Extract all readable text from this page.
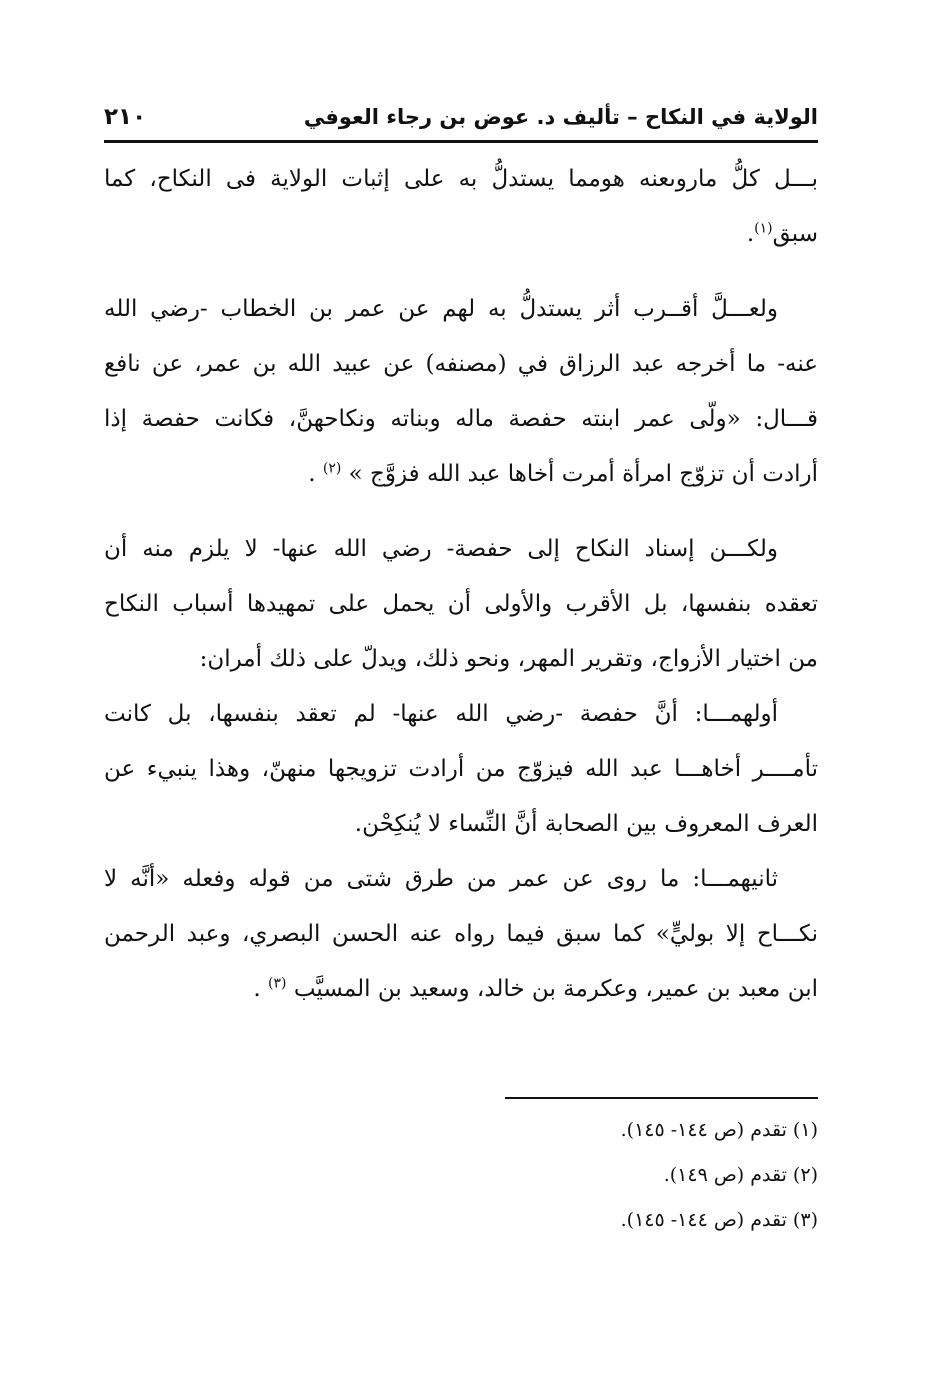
الولاية في النكاح – تأليف د. عوض بن رجاء العوفي
٢١٠
بـــل كلُّ ماروىعنه هومما يستدلُّ به على إثبات الولاية فى النكاح، كما
سبق$^{(١)}$.
ولعـــلَّ أقــرب أثر يستدلُّ به لهم عن عمر بن الخطاب -رضي الله
عنه- ما أخرجه عبد الرزاق في (مصنفه) عن عبيد الله بن عمر، عن نافع
قـــال: «ولّى عمر ابنته حفصة ماله وبناته ونكاحهنَّ، فكانت حفصة إذا
أرادت أن تزوّج امرأة أمرت أخاها عبد الله فزوَّج » $^{(٢)}$ .
ولكـــن إسناد النكاح إلى حفصة- رضي الله عنها- لا يلزم منه أن
تعقده بنفسها، بل الأقرب والأولى أن يحمل على تمهيدها أسباب النكاح
من اختيار الأزواج، وتقرير المهر، ونحو ذلك، ويدلّ على ذلك أمران:
أولهمـــا: أنَّ حفصة -رضي الله عنها- لم تعقد بنفسها، بل كانت
تأمــــر أخاهـــا عبد الله فيزوّج من أرادت تزويجها منهنّ، وهذا ينبيء عن
العرف المعروف بين الصحابة أنَّ النِّساء لا يُنكِحْن.
ثانيهمـــا: ما روى عن عمر من طرق شتى من قوله وفعله «أنَّه لا
نكـــاح إلا بوليٍّ» كما سبق فيما رواه عنه الحسن البصري، وعبد الرحمن
ابن معبد بن عمير، وعكرمة بن خالد، وسعيد بن المسيَّب $^{(٣)}$ .
(١) تقدم (ص ١٤٤- ١٤٥).
(٢) تقدم (ص ١٤٩).
(٣) تقدم (ص ١٤٤- ١٤٥).
